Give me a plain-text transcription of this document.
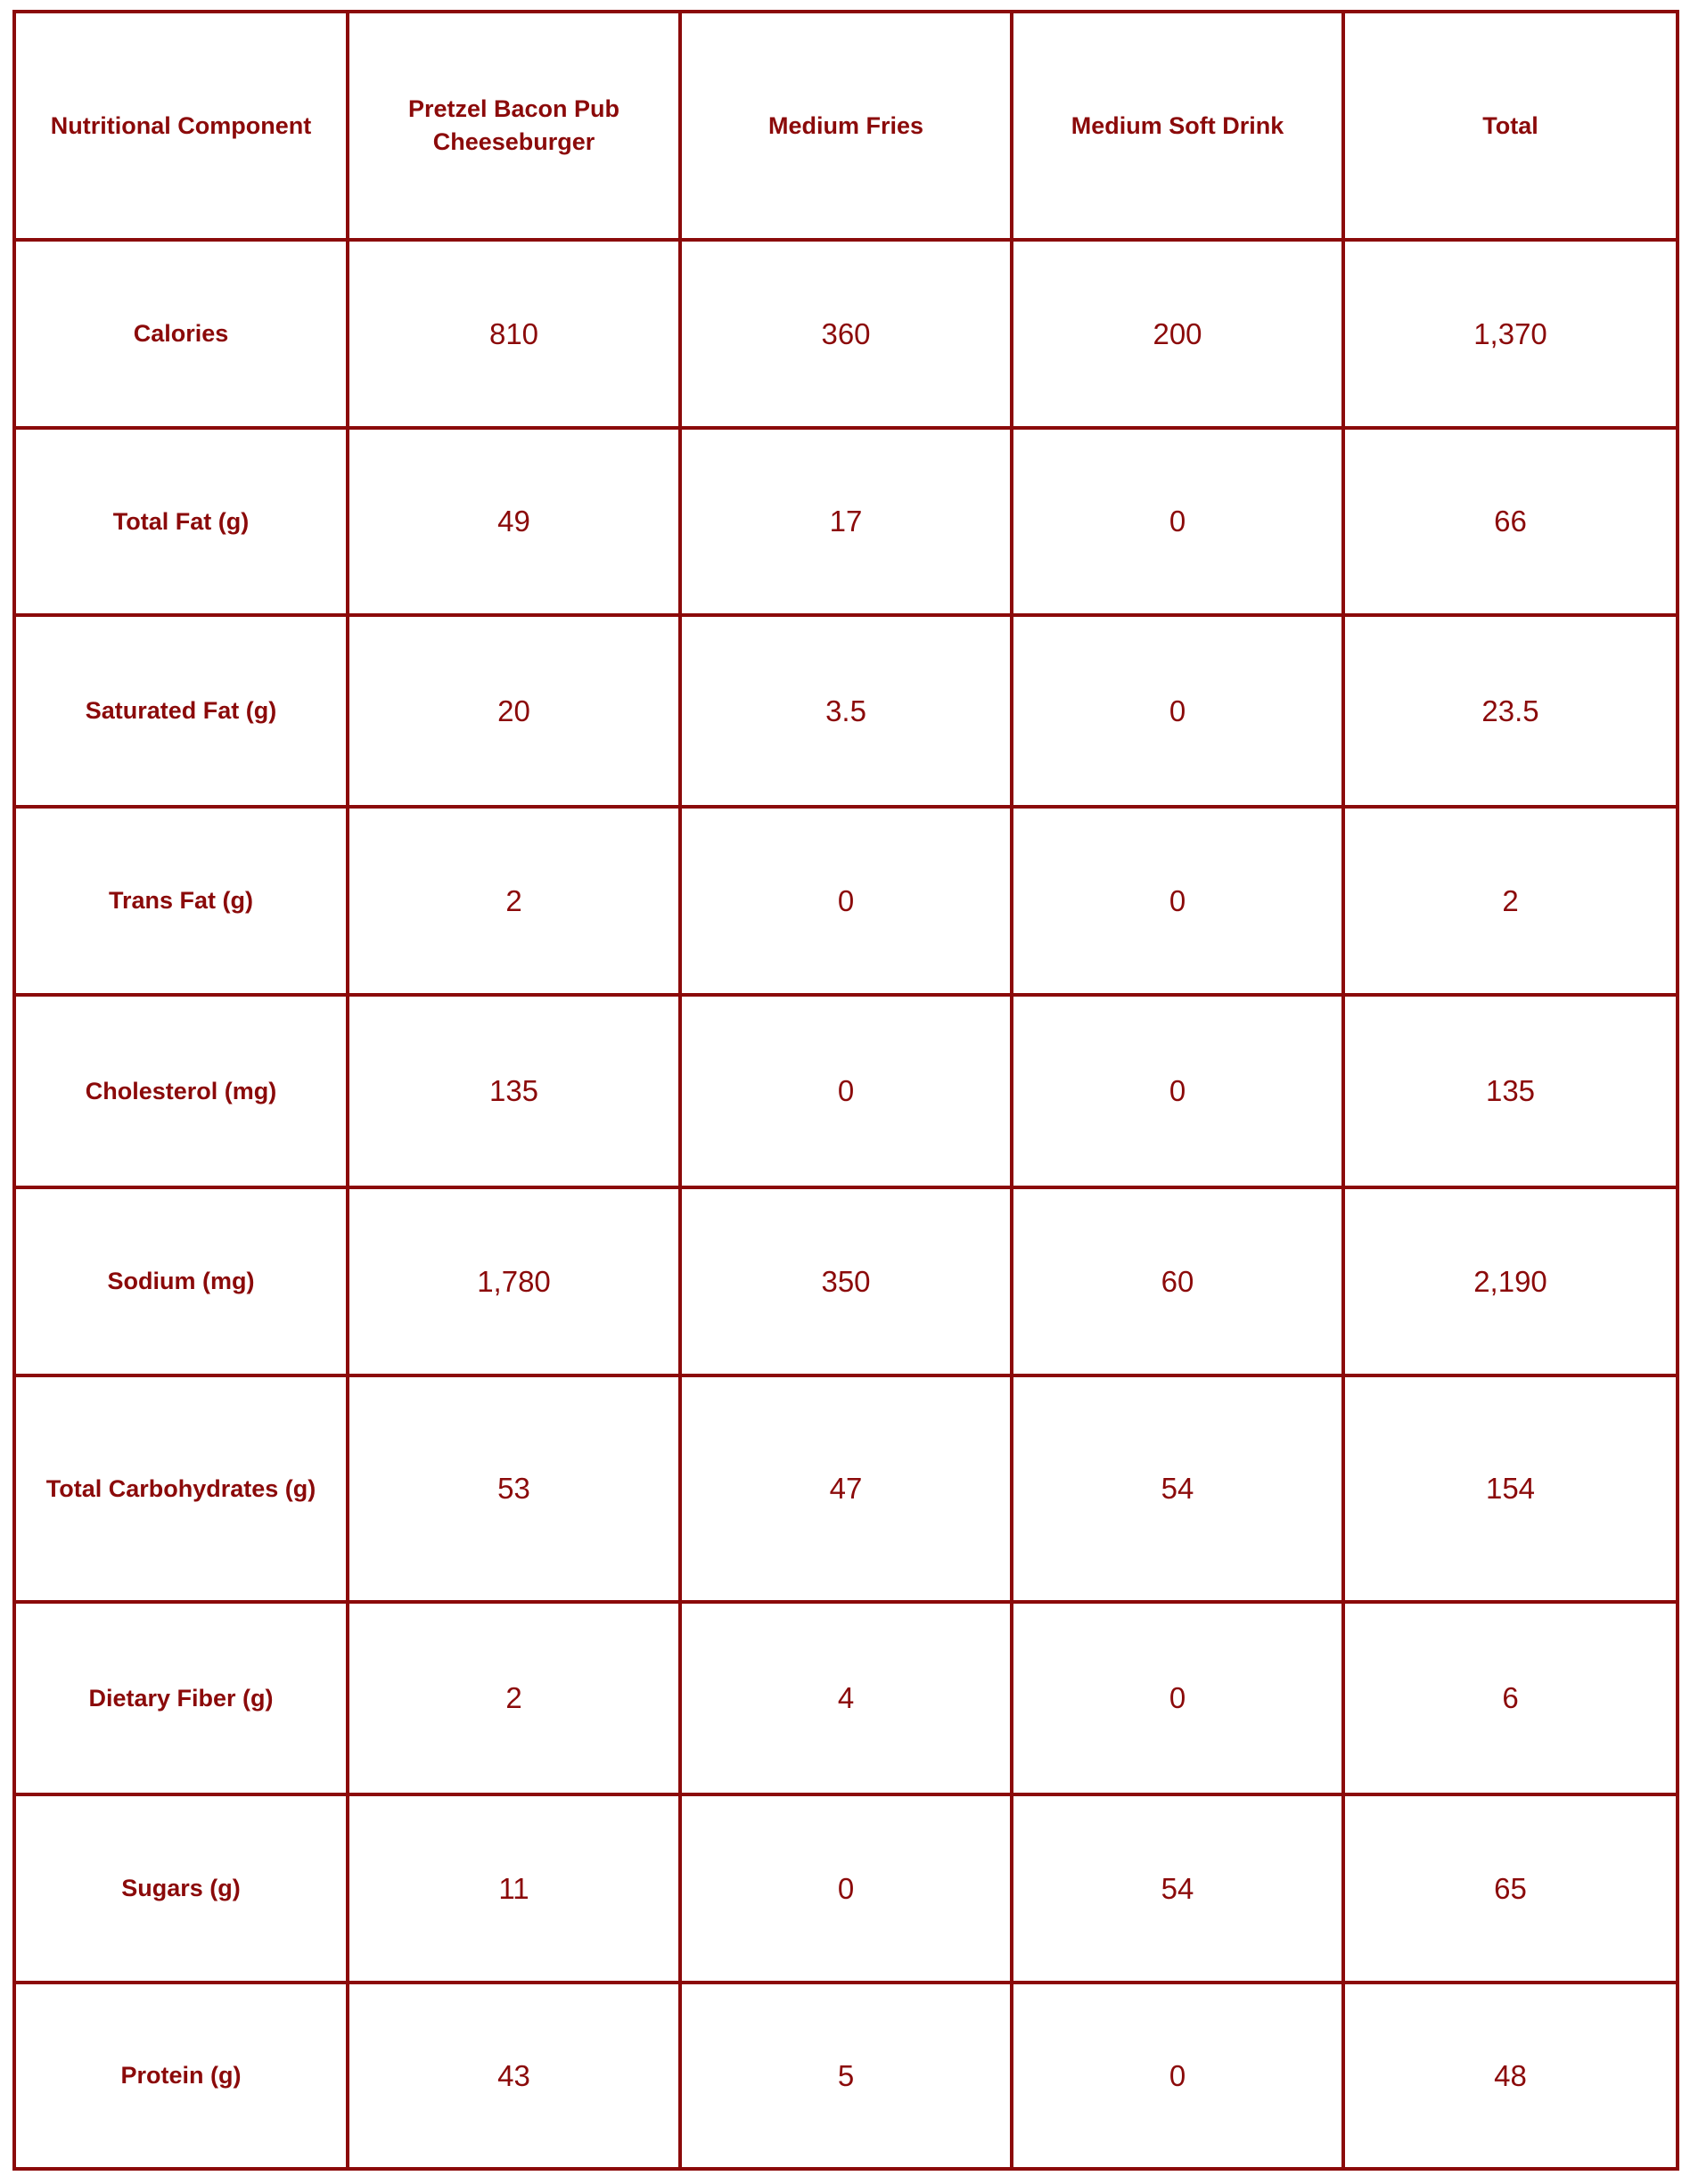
Nutritional Component	Pretzel Bacon Pub Cheeseburger	Medium Fries	Medium Soft Drink	Total
Calories	810	360	200	1,370
Total Fat (g)	49	17	0	66
Saturated Fat (g)	20	3.5	0	23.5
Trans Fat (g)	2	0	0	2
Cholesterol (mg)	135	0	0	135
Sodium (mg)	1,780	350	60	2,190
Total Carbohydrates (g)	53	47	54	154
Dietary Fiber (g)	2	4	0	6
Sugars (g)	11	0	54	65
Protein (g)	43	5	0	48
